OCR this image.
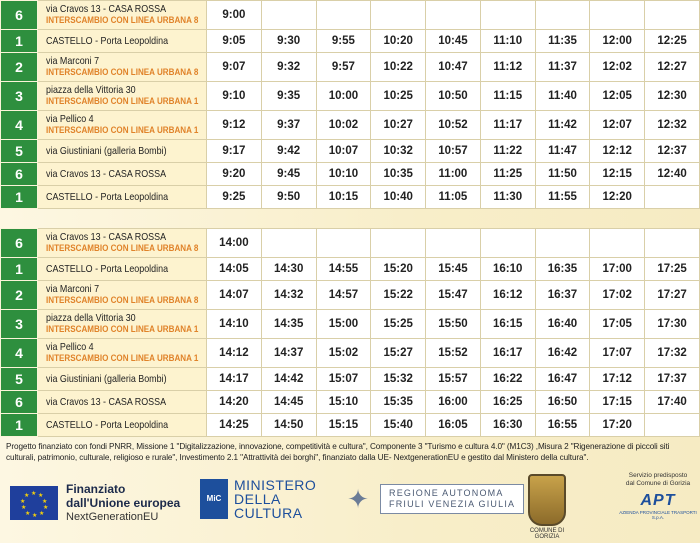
6	via Cravos 13 - CASA ROSSA
INTERSCAMBIO CON LINEA URBANA 8	9:00								
1	CASTELLO - Porta Leopoldina	9:05	9:30	9:55	10:20	10:45	11:10	11:35	12:00	12:25
2	via Marconi 7
INTERSCAMBIO CON LINEA URBANA 8	9:07	9:32	9:57	10:22	10:47	11:12	11:37	12:02	12:27
3	piazza della Vittoria 30
INTERSCAMBIO CON LINEA URBANA 1	9:10	9:35	10:00	10:25	10:50	11:15	11:40	12:05	12:30
4	via Pellico 4
INTERSCAMBIO CON LINEA URBANA 1	9:12	9:37	10:02	10:27	10:52	11:17	11:42	12:07	12:32
5	via Giustiniani (galleria Bombi)	9:17	9:42	10:07	10:32	10:57	11:22	11:47	12:12	12:37
6	via Cravos 13 - CASA ROSSA	9:20	9:45	10:10	10:35	11:00	11:25	11:50	12:15	12:40
1	CASTELLO - Porta Leopoldina	9:25	9:50	10:15	10:40	11:05	11:30	11:55	12:20	
6	via Cravos 13 - CASA ROSSA
INTERSCAMBIO CON LINEA URBANA 8	14:00								
1	CASTELLO - Porta Leopoldina	14:05	14:30	14:55	15:20	15:45	16:10	16:35	17:00	17:25
2	via Marconi 7
INTERSCAMBIO CON LINEA URBANA 8	14:07	14:32	14:57	15:22	15:47	16:12	16:37	17:02	17:27
3	piazza della Vittoria 30
INTERSCAMBIO CON LINEA URBANA 1	14:10	14:35	15:00	15:25	15:50	16:15	16:40	17:05	17:30
4	via Pellico 4
INTERSCAMBIO CON LINEA URBANA 1	14:12	14:37	15:02	15:27	15:52	16:17	16:42	17:07	17:32
5	via Giustiniani (galleria Bombi)	14:17	14:42	15:07	15:32	15:57	16:22	16:47	17:12	17:37
6	via Cravos 13 - CASA ROSSA	14:20	14:45	15:10	15:35	16:00	16:25	16:50	17:15	17:40
1	CASTELLO - Porta Leopoldina	14:25	14:50	15:15	15:40	16:05	16:30	16:55	17:20	
Progetto finanziato con fondi PNRR, Missione 1 "Digitalizzazione, innovazione, competitività e cultura", Componente 3 "Turismo e cultura 4.0" (M1C3) ,Misura 2 "Rigenerazione di piccoli siti culturali, patrimonio, culturale, religioso e rurale", Investimento 2.1 "Attrattività dei borghi", finanziato dalla UE- NextgenerationEU e gestito dal Ministero della cultura".
★ ★
★
★
★
★
★
★
★
★	Finanziato
dall'Unione europea
NextGenerationEU
MiC
MINISTERO
DELLA
CULTURA	✦	REGIONE AUTONOMA
FRIULI VENEZIA GIULIA
COMUNE DI GORIZIA
Servizio predisposto
dal Comune di Gorizia
APT
AZIENDA PROVINCIALE TRASPORTI S.p.A.
